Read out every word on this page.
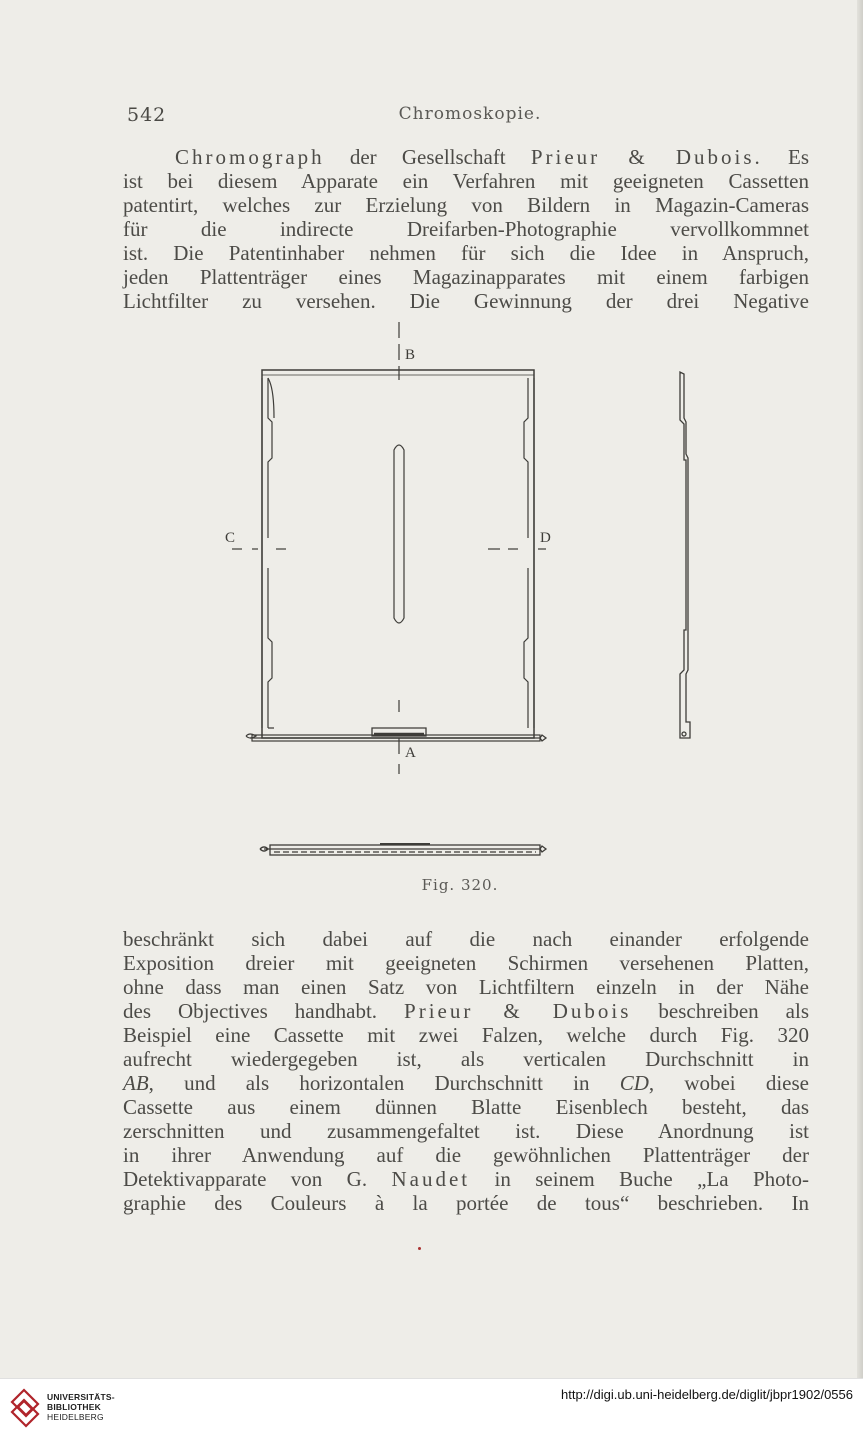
542	Chromoskopie.
Chromograph der Gesellschaft Prieur & Dubois. Es
ist bei diesem Apparate ein Verfahren mit geeigneten Cassetten
patentirt, welches zur Erzielung von Bildern in Magazin-Cameras
für die indirecte Dreifarben-Photographie vervollkommnet
ist. Die Patentinhaber nehmen für sich die Idee in Anspruch,
jeden Plattenträger eines Magazinapparates mit einem farbigen
Lichtfilter zu versehen. Die Gewinnung der drei Negative
B
A
C	D
Fig. 320.
beschränkt sich dabei auf die nach einander erfolgende
Exposition dreier mit geeigneten Schirmen versehenen Platten,
ohne dass man einen Satz von Lichtfiltern einzeln in der Nähe
des Objectives handhabt. Prieur & Dubois beschreiben als
Beispiel eine Cassette mit zwei Falzen, welche durch Fig. 320
aufrecht wiedergegeben ist, als verticalen Durchschnitt in
AB, und als horizontalen Durchschnitt in CD, wobei diese
Cassette aus einem dünnen Blatte Eisenblech besteht, das
zerschnitten und zusammengefaltet ist. Diese Anordnung ist
in ihrer Anwendung auf die gewöhnlichen Plattenträger der
Detektivapparate von G. Naudet in seinem Buche „La Photo-
graphie des Couleurs à la portée de tous“ beschrieben. In
UNIVERSITÄTS-
BIBLIOTHEK
HEIDELBERG
http://digi.ub.uni-heidelberg.de/diglit/jbpr1902/0556
